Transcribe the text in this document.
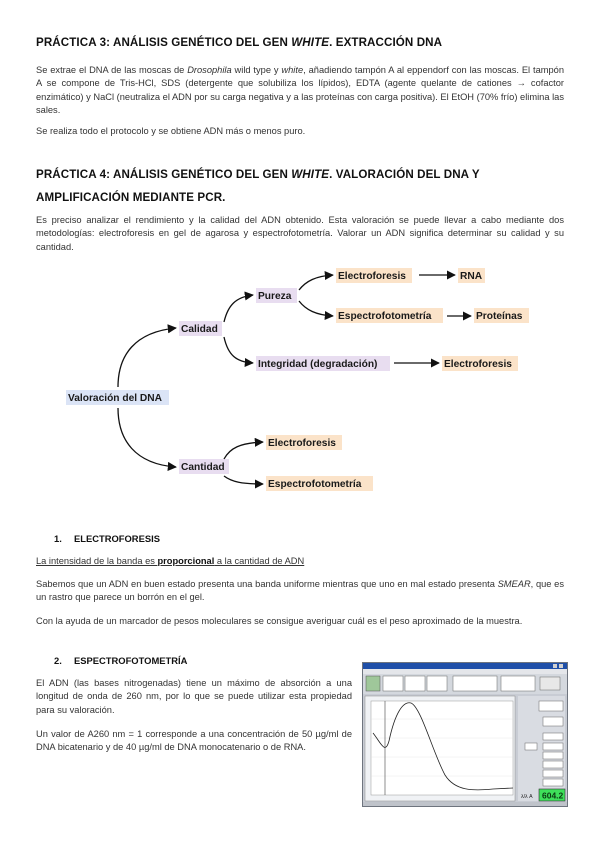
PRÁCTICA 3: ANÁLISIS GENÉTICO DEL GEN WHITE. EXTRACCIÓN DNA

Se extrae el DNA de las moscas de Drosophila wild type y white, añadiendo tampón A al eppendorf con las moscas. El tampón A se compone de Tris-HCl, SDS (detergente que solubiliza los lípidos), EDTA (agente quelante de cationes → cofactor enzimático) y NaCl (neutraliza el ADN por su carga negativa y a las proteínas con carga positiva). El EtOH (70% frío) elimina las sales.

Se realiza todo el protocolo y se obtiene ADN más o menos puro.

PRÁCTICA 4: ANÁLISIS GENÉTICO DEL GEN WHITE. VALORACIÓN DEL DNA Y
AMPLIFICACIÓN MEDIANTE PCR.

Es preciso analizar el rendimiento y la calidad del ADN obtenido. Esta valoración se puede llevar a cabo mediante dos metodologías: electroforesis en gel de agarosa y espectrofotometría. Valorar un ADN significa determinar su calidad y su cantidad.

Valoración del DNA
Calidad
Cantidad
Pureza
Integridad (degradación)
Electroforesis	RNA
Espectrofotometría	Proteínas
Electroforesis
Electroforesis
Espectrofotometría
1. ELECTROFORESIS

La intensidad de la banda es proporcional a la cantidad de ADN

Sabemos que un ADN en buen estado presenta una banda uniforme mientras que uno en mal estado presenta SMEAR, que es un rastro que parece un borrón en el gel.

Con la ayuda de un marcador de pesos moleculares se consigue averiguar cuál es el peso aproximado de la muestra.

2. ESPECTROFOTOMETRÍA

El ADN (las bases nitrogenadas) tiene un máximo de absorción a una longitud de onda de 260 nm, por lo que se puede utilizar esta propiedad para su valoración.

Un valor de A260 nm = 1 corresponde a una concentración de 50 µg/ml de DNA bicatenario y de 40 µg/ml de DNA monocatenario o de RNA.

λ/λ A 604.2
